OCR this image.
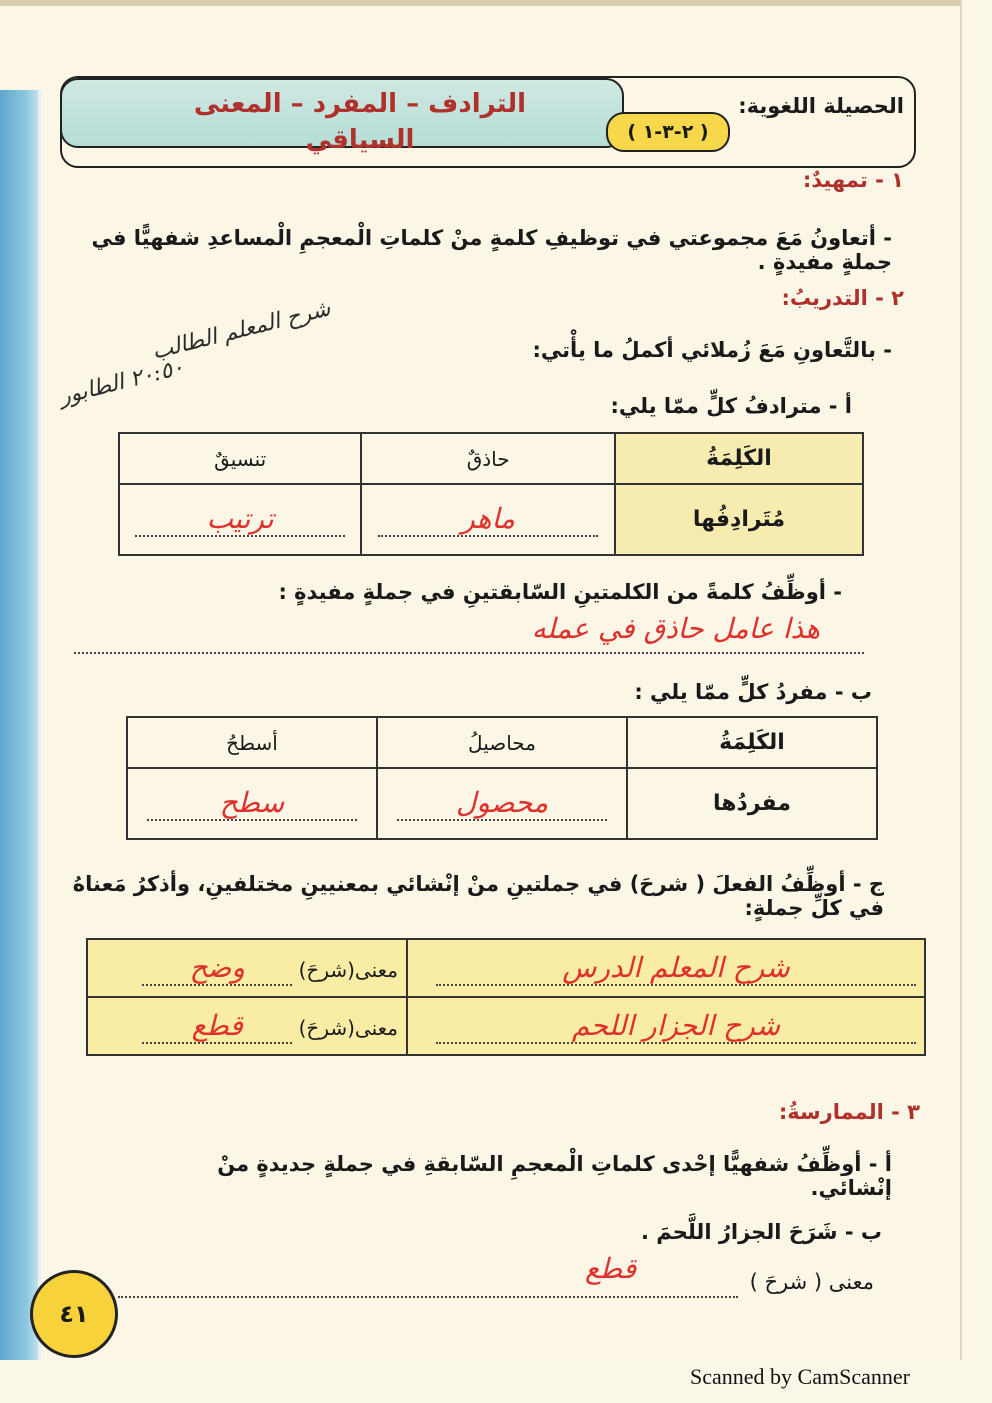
الحصيلة اللغوية:
( ٢-٣-١ )
الترادف – المفرد – المعنى السياقي
١ - تمهيدٌ:
- أتعاونُ مَعَ مجموعتي في توظيفِ كلمةٍ منْ كلماتِ الْمعجمِ الْمساعدِ شفهيًّا في جملةٍ مفيدةٍ .
٢ - التدريبُ:
- بالتَّعاونِ مَعَ زُملائي أكملُ ما يأْتي:
شرح المعلم الطالب
٢٠:٥٠ الطابور
أ - مترادفُ كلٍّ ممّا يلي:
الكَلِمَةُ	حاذقٌ	تنسيقٌ
مُتَرادِفُها	ماهر	ترتيب
- أوظِّفُ كلمةً من الكلمتينِ السّابقتينِ في جملةٍ مفيدةٍ :
هذا عامل حاذق في عمله
ب - مفردُ كلٍّ ممّا يلي :
الكَلِمَةُ	محاصيلُ	أسطحُ
مفردُها	محصول	سطح
ج - أوظِّفُ الفعلَ ( شرحَ) في جملتينِ منْ إنْشائي بمعنيينِ مختلفينِ، وأذكرُ مَعناهُ في كلِّ جملةٍ:
شرح المعلم الدرس	معنى(شرحَ) وضح
شرح الجزار اللحم	معنى(شرحَ) قطع
٣ - الممارسةُ:
أ - أوظِّفُ شفهيًّا إحْدى كلماتِ الْمعجمِ السّابقةِ في جملةٍ جديدةٍ منْ إنْشائي.
ب - شَرَحَ الجزارُ اللَّحمَ .
معنى ( شرحَ )
قطع
٤١
Scanned by CamScanner
